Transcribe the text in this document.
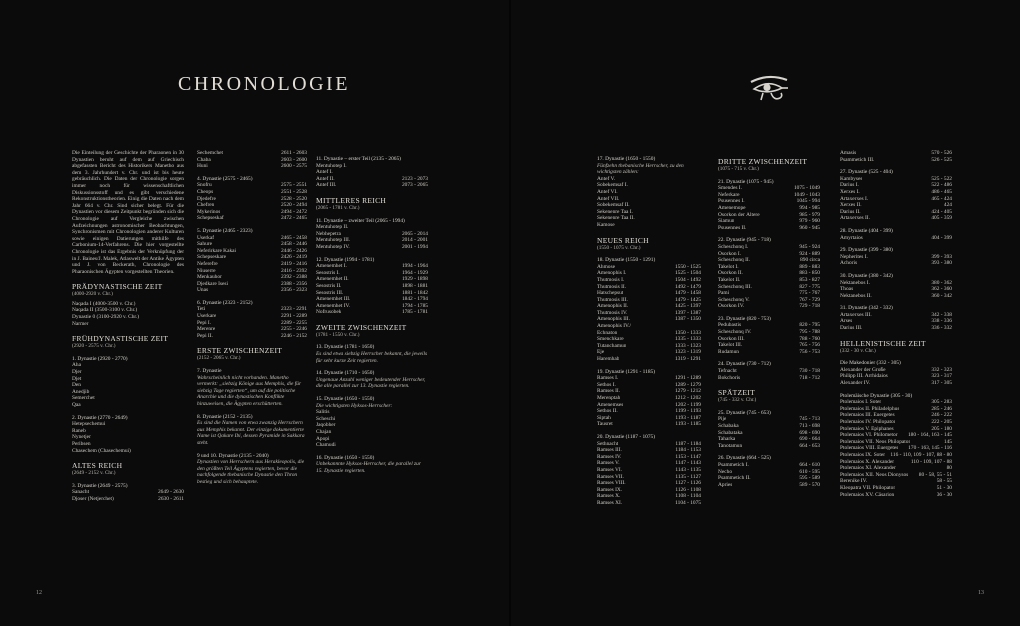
CHRONOLOGIE

Die Einteilung der Geschichte der Pharaonen in 30 Dynastien beruht auf dem auf Griechisch abgefassten Bericht des Historikers Manetho aus dem 3. Jahrhundert v. Chr. und ist bis heute gebräuchlich. Die Daten der Chronologie sorgen immer noch für wissenschaftlichen Diskussionsstoff und es gibt verschiedene Rekonstruktionstheorien. Einig die Daten nach dem Jahr 664 v. Chr. Sind sicher belegt. Für die Dynastien vor diesem Zeitpunkt begründen sich die Chronologie auf Vergleiche zwischen Aufzeichnungen astronomischer Beobachtungen, Synchronismen mit Chronologien anderer Kulturen sowie einigen Datierungen mithilfe des Carbonium-14-Verfahrens. Die hier vorgestellte Chronologie ist das Ergebnis der Verknüpfung der in J. Baines/J. Malek, Atlaswelt der Antike Ägypten und J. von Beckerath, Chronologie des Pharaonischen Ägypten vorgestellten Theorien.

PRÄDYNASTISCHE ZEIT

(4000-2920 v. Chr.)

Naqada I (4000-3500 v. Chr.)

Naqada II (3500-3100 v. Chr.)

Dynastie 0 (3100-2920 v. Chr.)

Narmer

FRÜHDYNASTISCHE ZEIT

(2920 - 2575 v. Chr.)

1. Dynastie (2920 - 2770)

Aha

Djer

Djet

Den

Anedjib

Semerchet

Qaa

2. Dynastie (2770 - 2649)

Hetepsechemui

Raneb

Nynetjer

Peribsen

Chasechem (Chasechemui)

ALTES REICH

(2649 - 2152 v. Chr.)

3. Dynastie (2649 - 2575)

Sanacht	2649 - 2630
Djoser (Netjerchet)	2630 - 2611
Sechemchet	2611 - 2603
Chaba	2603 - 2600
Huni	2600 - 2575

4. Dynastie (2575 - 2465)

Snofru	2575 - 2551
Cheops	2551 - 2528
Djedefre	2528 - 2520
Chefren	2520 - 2494
Mykerinos	2494 - 2472
Schepseskaf	2472 - 2465

5. Dynastie (2465 - 2323)

Userkaf	2465 - 2458
Sahure	2458 - 2446
Neferirkare Kakai	2446 - 2426
Schepseskare	2426 - 2419
Neferefre	2419 - 2416
Niuserre	2416 - 2392
Menkauhor	2392 - 2388
Djedkare Isesi	2388 - 2356
Unas	2356 - 2323

6. Dynastie (2323 - 2152)

Teti	2323 - 2291
Userkare	2291 - 2289
Pepi I.	2289 - 2255
Merenre	2255 - 2246
Pepi II.	2246 - 2152

ERSTE ZWISCHENZEIT

(2152 - 2065 v. Chr.)

7. Dynastie

Wahrscheinlich nicht vorhanden. Manetho vermerkt: „siebzig Könige aus Memphis, die für siebzig Tage regierten“, um auf die politische Anarchie und die dynastischen Konflikte hinzuweisen, die Ägypten erschütterten.

8. Dynastie (2152 - 2135)

Es sind die Namen von etwa zwanzig Herrschern aus Memphis bekannt. Der einzige dokumentierte Name ist Qakare Ibi, dessen Pyramide in Sakkara steht.

9 und 10. Dynastie (2135 - 2040)

Dynastien von Herrschern aus Herakleopolis, die den größten Teil Ägyptens regierten, bevor die nachfolgende thebanische Dynastie den Thron bestieg und sich behauptete.

11. Dynastie – erster Teil (2135 - 2065)

Mentuhotep I.
Antef I.
Antef II.	2123 - 2073
Antef III.	2073 - 2065

MITTLERES REICH

(2065 - 1781 v. Chr.)

11. Dynastie – zweiter Teil (2065 - 1994)

Mentuhotep II.
Nebhepetra	2065 - 2014
Mentuhotep III.	2014 - 2001
Mentuhotep IV.	2001 - 1994

12. Dynastie (1994 - 1781)

Amenemhet I.	1994 - 1964
Sesostris I.	1964 - 1929
Amenemhet II.	1929 - 1898
Sesostris II.	1898 - 1881
Sesostris III.	1881 - 1842
Amenemhet III.	1842 - 1794
Amenemhet IV.	1794 - 1785
Nofrusobek	1785 - 1781

ZWEITE ZWISCHENZEIT

(1781 - 1550 v. Chr.)

13. Dynastie (1781 - 1650)

Es sind etwa siebzig Herrscher bekannt, die jeweils für sehr kurze Zeit regierten.

14. Dynastie (1710 - 1650)

Ungenaue Anzahl weniger bedeutender Herrscher, die alle parallel zur 13. Dynastie regierten.

15. Dynastie (1650 - 1550)

Die wichtigsten Hyksos-Herrscher:

Salitis

Scheschi

Jaqobher

Chajan

Apopi

Chamudi

16. Dynastie (1650 - 1550)

Unbekannnte Hyksos-Herrscher, die parallel zur 15. Dynastie regierten.

17. Dynastie (1650 - 1550)

Fünfzehn thebanische Herrscher, zu den wichtigsten zählen:

Antef V.

Sobekemsaf I.

Antef VI.

Antef VII.

Sobekemsaf II.

Sekenenre Taa I.

Sekenenre Taa II.

Kamose

NEUES REICH

(1550 - 1075 v. Chr.)

18. Dynastie (1550 - 1291)

Ahmose	1550 - 1525
Amenophis I.	1525 - 1504
Thutmosis I.	1504 - 1492
Thutmosis II.	1492 - 1479
Hatschepsut	1479 - 1458
Thutmosis III.	1479 - 1425
Amenophis II.	1425 - 1397
Thutmosis IV.	1397 - 1387
Amenophis III.	1387 - 1350
Amenophis IV./
Echnaton	1350 - 1333
Smenchkare	1335 - 1333
Tutanchamun	1333 - 1323
Eje	1323 - 1319
Haremhab	1319 - 1291

19. Dynastie (1291 - 1185)

Ramses I.	1291 - 1289
Sethos I.	1289 - 1279
Ramses II.	1279 - 1212
Merenptah	1212 - 1202
Amenemses	1202 - 1199
Sethos II.	1199 - 1193
Siptah	1193 - 1187
Tausret	1193 - 1185

20. Dynastie (1187 - 1075)

Sethnacht	1187 - 1184
Ramses III.	1184 - 1153
Ramses IV.	1153 - 1147
Ramses V.	1147 - 1143
Ramses VI.	1143 - 1135
Ramses VII.	1135 - 1127
Ramses VIII.	1127 - 1126
Ramses IX.	1126 - 1108
Ramses X.	1108 - 1104
Ramses XI.	1104 - 1075

DRITTE ZWISCHENZEIT

(1075 - 715 v. Chr.)

21. Dynastie (1075 - 945)

Smendes I.	1075 - 1049
Neferkare	1049 - 1043
Psusennes I.	1045 - 994
Amenemope	994 - 985
Osorkon der Ältere	985 - 979
Siamun	979 - 960
Psusennes II.	960 - 945

22. Dynastie (945 - 718)

Scheschonq I.	945 - 924
Osorkon I.	924 - 889
Scheschonq II.	890 circa
Takelot I.	889 - 883
Osorkon II.	883 - 850
Takelot II.	853 - 827
Scheschonq III.	827 - 775
Pami	775 - 767
Scheschonq V.	767 - 729
Osorkon IV.	729 - 718

23. Dynastie (820 - 753)

Pedubastis	820 - 795
Scheschonq IV.	795 - 788
Osorkon III.	788 - 760
Takelot III.	765 - 756
Rudamun	756 - 753

24. Dynastie (730 - 712)

Tefnacht	730 - 718
Bokchoris	718 - 712

SPÄTZEIT

(745 - 332 v. Chr.)

25. Dynastie (745 - 653)

Pije	745 - 713
Schabaka	713 - 698
Schabataka	698 - 690
Taharka	690 - 664
Tanotamun	664 - 653

26. Dynastie (664 - 525)

Psammetich I.	664 - 610
Necho	610 - 595
Psammetich II.	595 - 589
Apries	589 - 570
Amasis	570 - 526
Psammetich III.	526 - 525

27. Dynastie (525 - 404)

Kambyses	525 - 522
Darius I.	522 - 486
Xerxes I.	486 - 465
Artaxerxes I.	465 - 424
Xerxes II.	424
Darius II.	424 - 405
Artaxerxes II.	405 - 359

28. Dynastie (404 - 399)

Amyrtaios	404 - 399

29. Dynastie (399 - 380)

Nepherites I.	399 - 393
Achoris	393 - 380

30. Dynastie (380 - 342)

Nektanebos I.	380 - 362
Thoas	362 - 360
Nektanebos II.	360 - 342

31. Dynastie (342 - 332)

Artaxerxes III.	342 - 338
Arses	338 - 336
Darius III.	336 - 332

HELLENISTISCHE ZEIT

(332 - 30 v. Chr.)

Die Makedonier (332 - 305)

Alexander der Große	332 - 323
Philipp III. Arrhidaios	323 - 317
Alexander IV.	317 - 305

Ptolemäische Dynastie (305 - 30)

Ptolemaios I. Soter	305 - 283
Ptolemaios II. Philadelphus	285 - 246
Ptolemaios III. Euergetes	246 - 222
Ptolemaios IV. Philopator	222 - 205
Ptolemaios V. Epiphanes	205 - 180
Ptolemaios VI. Philometor	180 - 164, 163 - 145
Ptolemaios VII. Neos Philopator	145
Ptolemaios VIII. Euergetes	170 - 163, 145 - 116
Ptolemaios IX. Soter 116 - 110, 109 - 107, 88 - 80
Ptolemaios X. Alexander	110 - 109, 107 - 88
Ptolemaios XI. Alexander	80
Ptolemaios XII. Neos Dionysos	80 - 58, 55 - 51
Berenike IV.	58 - 55
Kleopatra VII. Philopator	51 - 30
Ptolemaios XV. Cäsarion	36 - 30
12	13
